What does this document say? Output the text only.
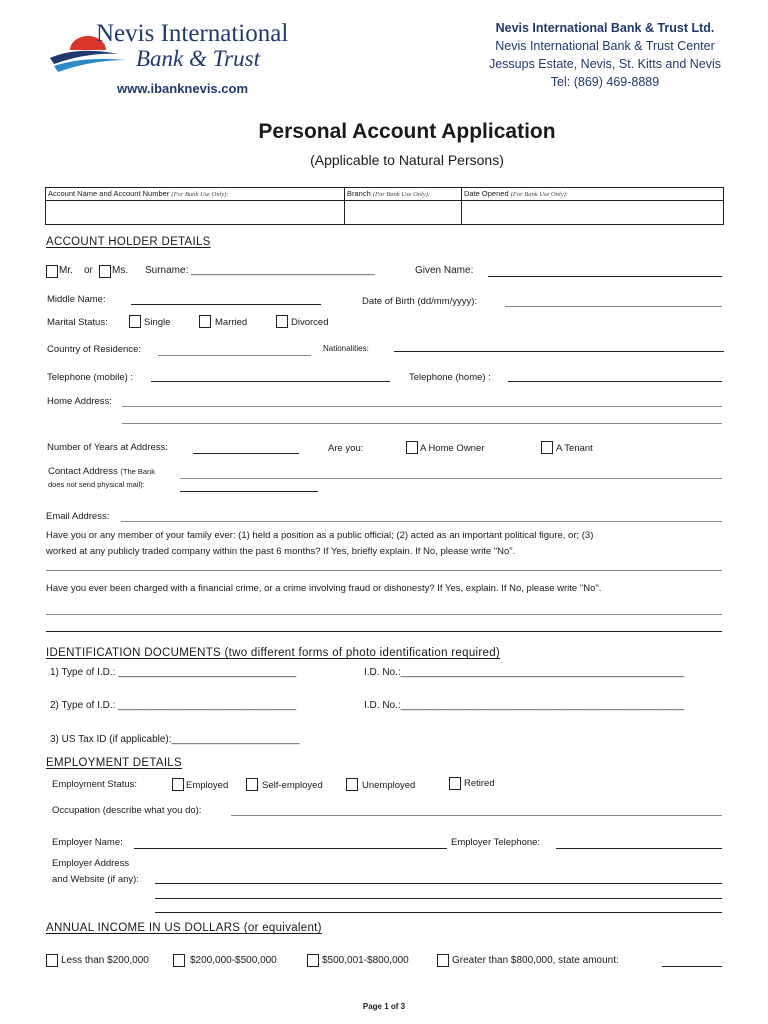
Nevis International
Bank & Trust
www.ibanknevis.com
Nevis International Bank & Trust Ltd.
Nevis International Bank & Trust Center
Jessups Estate, Nevis, St. Kitts and Nevis
Tel: (869) 469-8889
Personal Account Application
(Applicable to Natural Persons)
Account Name and Account Number (For Bank Use Only):	Branch (For Bank Use Only):	Date Opened (For Bank Use Only):

ACCOUNT HOLDER DETAILS
Mr. or Ms. Surname: _________________________________	Given Name:
Middle Name:	Date of Birth (dd/mm/yyyy):
Marital Status:	Single	Married	Divorced
Country of Residence:	Nationalities:
Telephone (mobile) :	Telephone (home) :
Home Address:
Number of Years at Address:	Are you:	A Home Owner	A Tenant
Contact Address (The Bank
does not send physical mail):
Email Address:
Have you or any member of your family ever: (1) held a position as a public official; (2) acted as an important political figure, or; (3)
worked at any publicly traded company within the past 6 months? If Yes, briefly explain. If No, please write "No".
Have you ever been charged with a financial crime, or a crime involving fraud or dishonesty? If Yes, explain. If No, please write "No".
IDENTIFICATION DOCUMENTS (two different forms of photo identification required)
1) Type of I.D.: ________________________________	I.D. No.:___________________________________________________
2) Type of I.D.: ________________________________	I.D. No.:___________________________________________________
3) US Tax ID (if applicable):_______________________
EMPLOYMENT DETAILS
Employment Status:	Employed	Self-employed	Unemployed	Retired
Occupation (describe what you do):
Employer Name:	Employer Telephone:
Employer Address
and Website (if any):
ANNUAL INCOME IN US DOLLARS (or equivalent)
Less than $200,000	$200,000-$500,000	$500,001-$800,000	Greater than $800,000, state amount:
Page 1 of 3
